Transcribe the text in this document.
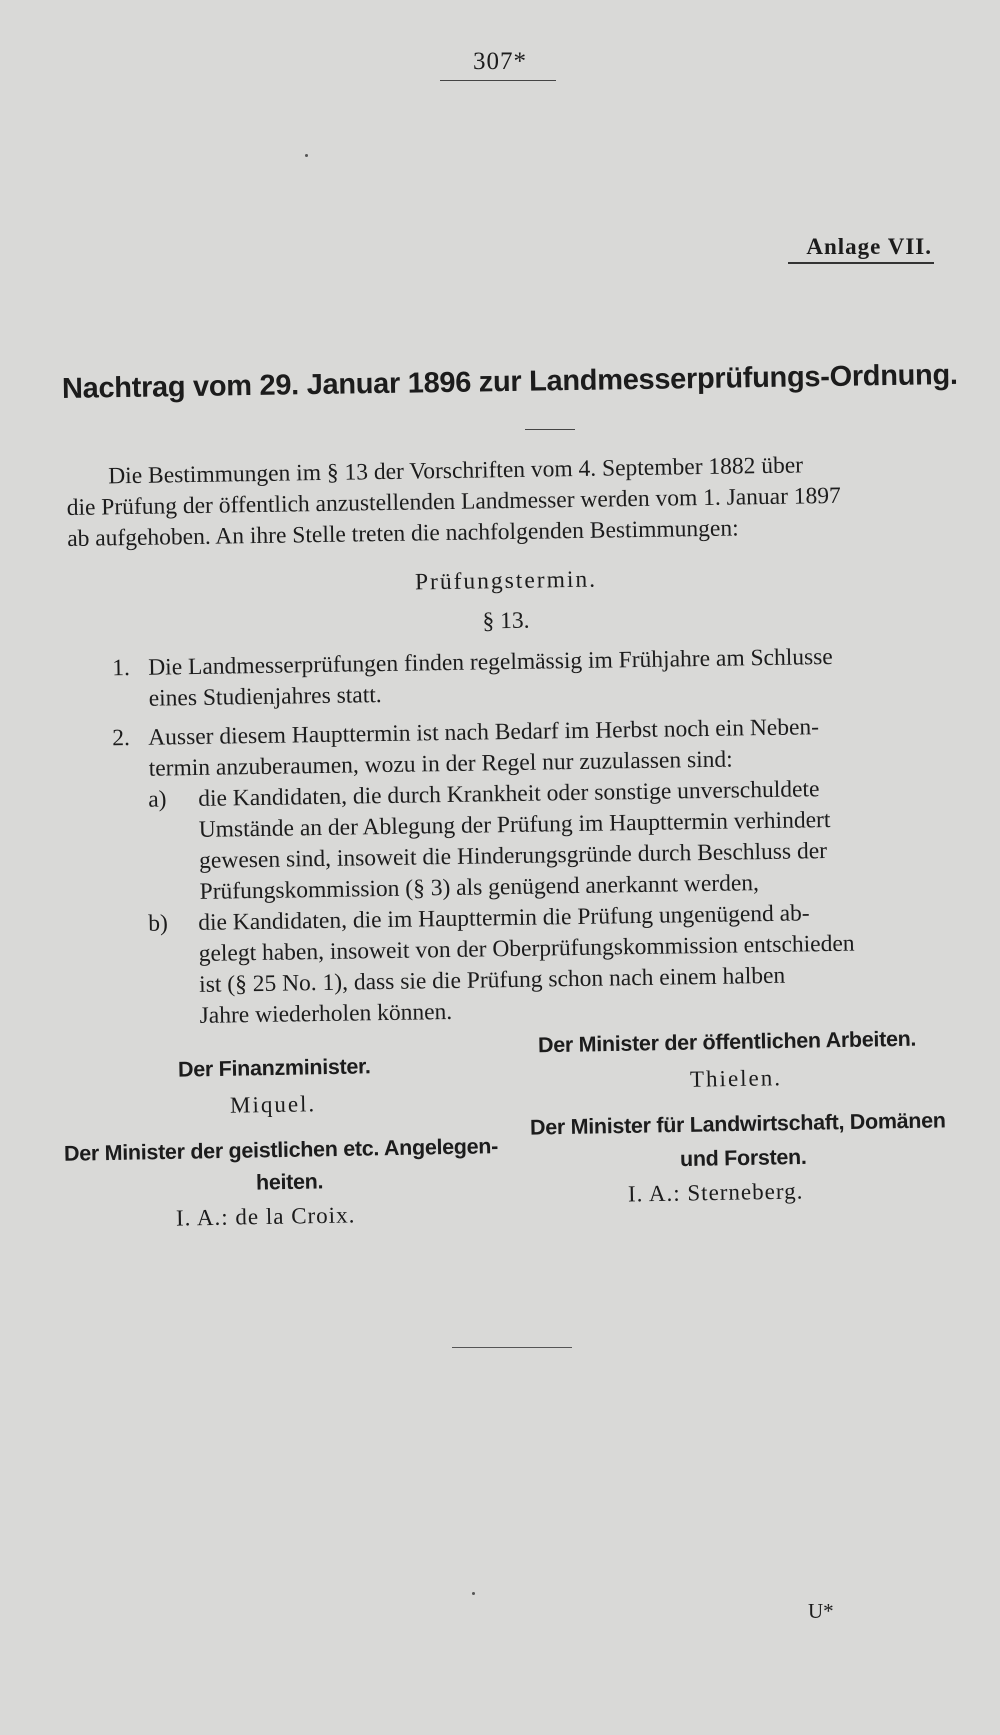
307*
Anlage VII.
Nachtrag vom 29. Januar 1896 zur Landmesserprüfungs-Ordnung.

Die Bestimmungen im § 13 der Vorschriften vom 4. September 1882 über

die Prüfung der öffentlich anzustellenden Landmesser werden vom 1. Januar 1897

ab aufgehoben. An ihre Stelle treten die nachfolgenden Bestimmungen:

Prüfungstermin.
§ 13.
1. Die Landmesserprüfungen finden regelmässig im Frühjahre am Schlusse
eines Studienjahres statt.
2. Ausser diesem Haupttermin ist nach Bedarf im Herbst noch ein Neben-
termin anzuberaumen, wozu in der Regel nur zuzulassen sind:
a) die Kandidaten, die durch Krankheit oder sonstige unverschuldete
Umstände an der Ablegung der Prüfung im Haupttermin verhindert
gewesen sind, insoweit die Hinderungsgründe durch Beschluss der
Prüfungskommission (§ 3) als genügend anerkannt werden,
b) die Kandidaten, die im Haupttermin die Prüfung ungenügend ab-
gelegt haben, insoweit von der Oberprüfungskommission entschieden
ist (§ 25 No. 1), dass sie die Prüfung schon nach einem halben
Jahre wiederholen können.
Der Minister der öffentlichen Arbeiten.
Thielen.
Der Finanzminister.
Miquel.
Der Minister für Landwirtschaft, Domänen
und Forsten.
I. A.: Sterneberg.
Der Minister der geistlichen etc. Angelegen-
heiten.
I. A.: de la Croix.
U*
